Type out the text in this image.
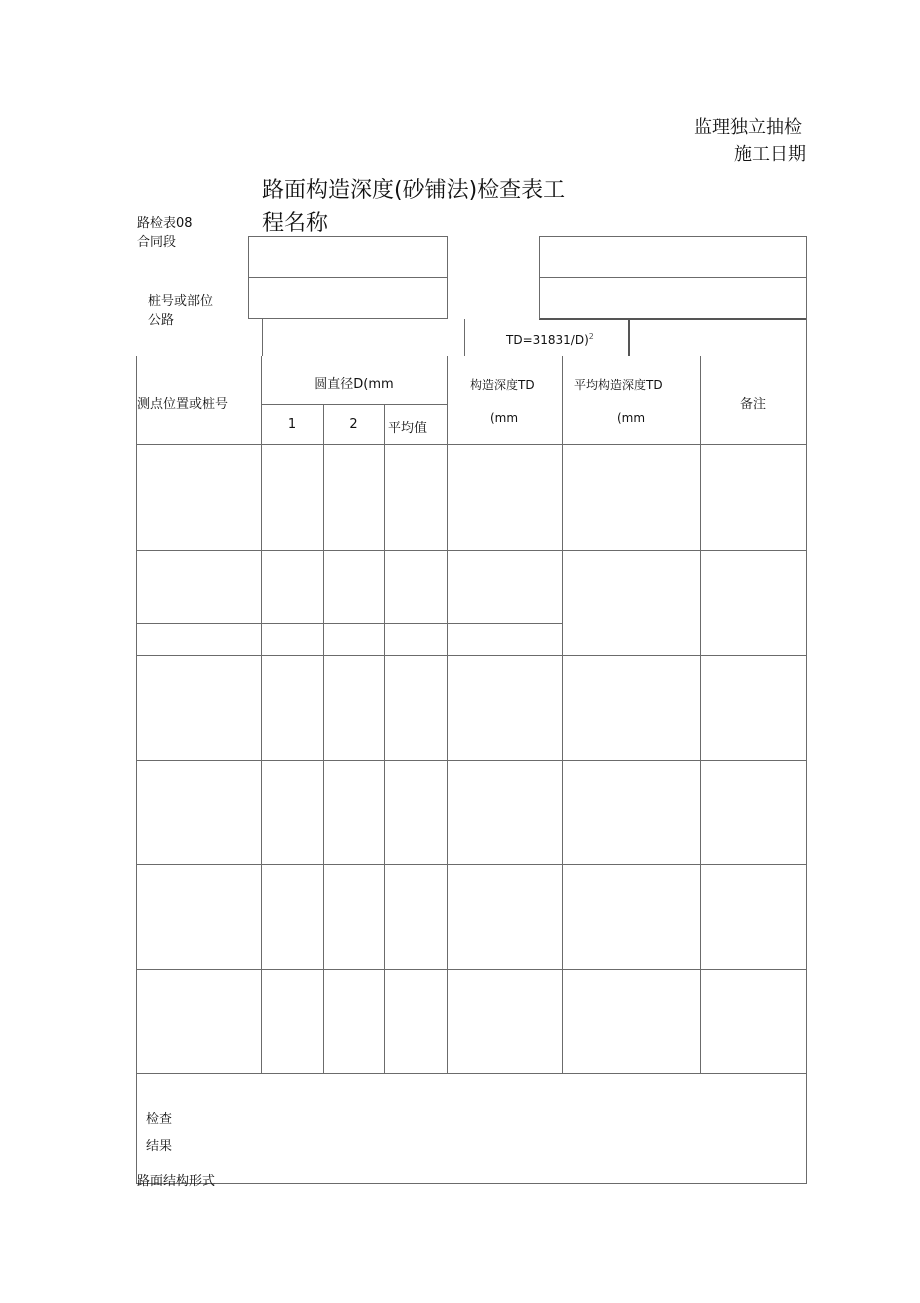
监理独立抽检
施工日期
路面构造深度(砂铺法)检查表工
程名称
路检表08
合同段
桩号或部位
公路
TD=31831/D)$^2$
测点位置或桩号
圆直径D(mm
1	2	平均值
构造深度TD
(mm
平均构造深度TD
(mm
备注
检查
结果
路面结构形式
